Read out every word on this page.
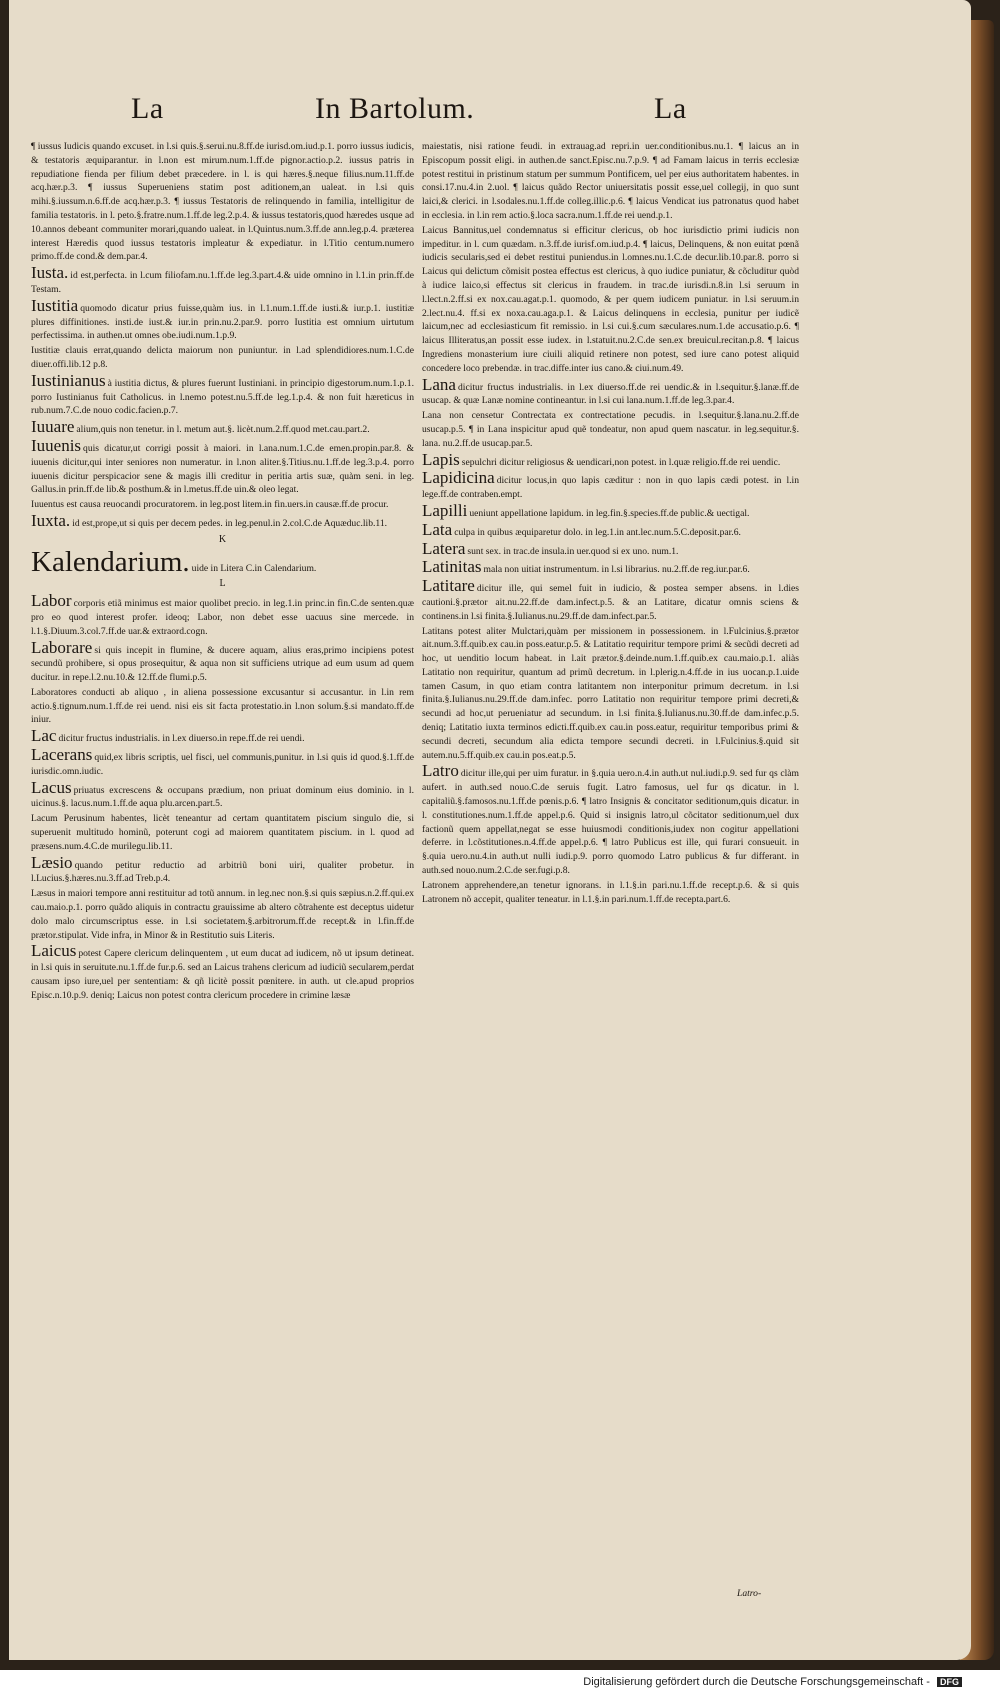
La	In Bartolum.	La

¶ iussus Iudicis quando excuset. in l.si quis.§.serui.nu.8.ff.de iurisd.om.iud.p.1. porro iussus iudicis, & testatoris æquiparantur. in l.non est mirum.num.1.ff.de pignor.actio.p.2. iussus patris in repudiatione fienda per filium debet præcedere. in l. is qui hæres.§.neque filius.num.11.ff.de acq.hær.p.3. ¶ iussus Superueniens statim post aditionem,an ualeat. in l.si quis mihi.§.iussum.n.6.ff.de acq.hær.p.3. ¶ iussus Testatoris de relinquendo in familia, intelligitur de familia testatoris. in l. peto.§.fratre.num.1.ff.de leg.2.p.4. & iussus testatoris,quod hæredes usque ad 10.annos debeant communiter morari,quando ualeat. in l.Quintus.num.3.ff.de ann.leg.p.4. præterea interest Hæredis quod iussus testatoris impleatur & expediatur. in l.Titio centum.numero primo.ff.de cond.& dem.par.4.

Iusta. id est,perfecta. in l.cum filiofam.nu.1.ff.de leg.3.part.4.& uide omnino in l.1.in prin.ff.de Testam.

Iustitia quomodo dicatur prius fuisse,quàm ius. in l.1.num.1.ff.de iusti.& iur.p.1. iustitiæ plures diffinitiones. insti.de iust.& iur.in prin.nu.2.par.9. porro Iustitia est omnium uirtutum perfectissima. in authen.ut omnes obe.iudi.num.1.p.9.

Iustitiæ clauis errat,quando delicta maiorum non puniuntur. in l.ad splendidiores.num.1.C.de diuer.offi.lib.12 p.8.

Iustinianus à iustitia dictus, & plures fuerunt Iustiniani. in principio digestorum.num.1.p.1. porro Iustinianus fuit Catholicus. in l.nemo potest.nu.5.ff.de leg.1.p.4. & non fuit hæreticus in rub.num.7.C.de nouo codic.facien.p.7.

Iuuare alium,quis non tenetur. in l. metum aut.§. licèt.num.2.ff.quod met.cau.part.2.

Iuuenis quis dicatur,ut corrigi possit à maiori. in l.ana.num.1.C.de emen.propin.par.8. & iuuenis dicitur,qui inter seniores non numeratur. in l.non aliter.§.Titius.nu.1.ff.de leg.3.p.4. porro iuuenis dicitur perspicacior sene & magis illi creditur in peritia artis suæ, quàm seni. in leg. Gallus.in prin.ff.de lib.& posthum.& in l.metus.ff.de uin.& oleo legat.

Iuuentus est causa reuocandi procuratorem. in leg.post litem.in fin.uers.in causæ.ff.de procur.

Iuxta. id est,prope,ut si quis per decem pedes. in leg.penul.in 2.col.C.de Aquæduc.lib.11.

K

Kalendarium. uide in Litera C.in Calendarium.

L

Labor corporis etiã minimus est maior quolibet precio. in leg.1.in princ.in fin.C.de senten.quæ pro eo quod interest profer. ideoq; Labor, non debet esse uacuus sine mercede. in l.1.§.Diuum.3.col.7.ff.de uar.& extraord.cogn.

Laborare si quis incepit in flumine, & ducere aquam, alius eras,primo incipiens potest secundũ prohibere, si opus prosequitur, & aqua non sit sufficiens utrique ad eum usum ad quem ducitur. in repe.l.2.nu.10.& 12.ff.de flumi.p.5.

Laboratores conducti ab aliquo , in aliena possessione excusantur si accusantur. in l.in rem actio.§.tignum.num.1.ff.de rei uend. nisi eis sit facta protestatio.in l.non solum.§.si mandato.ff.de iniur.

Lac dicitur fructus industrialis. in l.ex diuerso.in repe.ff.de rei uendi.

Lacerans quid,ex libris scriptis, uel fisci, uel communis,punitur. in l.si quis id quod.§.1.ff.de iurisdic.omn.iudic.

Lacus priuatus excrescens & occupans prædium, non priuat dominum eius dominio. in l. uicinus.§. lacus.num.1.ff.de aqua plu.arcen.part.5.

Lacum Perusinum habentes, licèt teneantur ad certam quantitatem piscium singulo die, si superuenit multitudo hominũ, poterunt cogi ad maiorem quantitatem piscium. in l. quod ad præsens.num.4.C.de murilegu.lib.11.

Læsio quando petitur reductio ad arbitriũ boni uiri, qualiter probetur. in l.Lucius.§.hæres.nu.3.ff.ad Treb.p.4.

Læsus in maiori tempore anni restituitur ad totũ annum. in leg.nec non.§.si quis sæpius.n.2.ff.qui.ex cau.maio.p.1. porro quãdo aliquis in contractu grauissime ab altero cõtrahente est deceptus uidetur dolo malo circumscriptus esse. in l.si societatem.§.arbitrorum.ff.de recept.& in l.fin.ff.de prætor.stipulat. Vide infra, in Minor & in Restitutio suis Literis.

Laicus potest Capere clericum delinquentem , ut eum ducat ad iudicem, nõ ut ipsum detineat. in l.si quis in seruitute.nu.1.ff.de fur.p.6. sed an Laicus trahens clericum ad iudiciũ secularem,perdat causam ipso iure,uel per sententiam: & qñ licitè possit pœnitere. in auth. ut cle.apud proprios Episc.n.10.p.9. deniq; Laicus non potest contra clericum procedere in crimine læsæ

maiestatis, nisi ratione feudi. in extrauag.ad repri.in uer.conditionibus.nu.1. ¶ laicus an in Episcopum possit eligi. in authen.de sanct.Episc.nu.7.p.9. ¶ ad Famam laicus in terris ecclesiæ potest restitui in pristinum statum per summum Pontificem, uel per eius authoritatem habentes. in consi.17.nu.4.in 2.uol. ¶ laicus quãdo Rector uniuersitatis possit esse,uel collegij, in quo sunt laici,& clerici. in l.sodales.nu.1.ff.de colleg.illic.p.6. ¶ laicus Vendicat ius patronatus quod habet in ecclesia. in l.in rem actio.§.loca sacra.num.1.ff.de rei uend.p.1.

Laicus Bannitus,uel condemnatus si efficitur clericus, ob hoc iurisdictio primi iudicis non impeditur. in l. cum quædam. n.3.ff.de iurisf.om.iud.p.4. ¶ laicus, Delinquens, & non euitat pœnã iudicis secularis,sed ei debet restitui puniendus.in l.omnes.nu.1.C.de decur.lib.10.par.8. porro si Laicus qui delictum cõmisit postea effectus est clericus, à quo iudice puniatur, & cõcluditur quòd à iudice laico,si effectus sit clericus in fraudem. in trac.de iurisdi.n.8.in l.si seruum in l.lect.n.2.ff.si ex nox.cau.agat.p.1. quomodo, & per quem iudicem puniatur. in l.si seruum.in 2.lect.nu.4. ff.si ex noxa.cau.aga.p.1. & Laicus delinquens in ecclesia, punitur per iudicẽ laicum,nec ad ecclesiasticum fit remissio. in l.si cui.§.cum sæculares.num.1.de accusatio.p.6. ¶ laicus Illiteratus,an possit esse iudex. in l.statuit.nu.2.C.de sen.ex breuicul.recitan.p.8. ¶ laicus Ingrediens monasterium iure ciuili aliquid retinere non potest, sed iure cano potest aliquid concedere loco prebendæ. in trac.diffe.inter ius cano.& ciui.num.49.

Lana dicitur fructus industrialis. in l.ex diuerso.ff.de rei uendic.& in l.sequitur.§.lanæ.ff.de usucap. & quæ Lanæ nomine contineantur. in l.si cui lana.num.1.ff.de leg.3.par.4.

Lana non censetur Contrectata ex contrectatione pecudis. in l.sequitur.§.lana.nu.2.ff.de usucap.p.5. ¶ in Lana inspicitur apud quẽ tondeatur, non apud quem nascatur. in leg.sequitur.§. lana. nu.2.ff.de usucap.par.5.

Lapis sepulchri dicitur religiosus & uendicari,non potest. in l.quæ religio.ff.de rei uendic.

Lapidicina dicitur locus,in quo lapis cæditur : non in quo lapis cædi potest. in l.in lege.ff.de contraben.empt.

Lapilli ueniunt appellatione lapidum. in leg.fin.§.species.ff.de public.& uectigal.

Lata culpa in quibus æquiparetur dolo. in leg.1.in ant.lec.num.5.C.deposit.par.6.

Latera sunt sex. in trac.de insula.in uer.quod si ex uno. num.1.

Latinitas mala non uitiat instrumentum. in l.si librarius. nu.2.ff.de reg.iur.par.6.

Latitare dicitur ille, qui semel fuit in iudicio, & postea semper absens. in l.dies cautioni.§.prætor ait.nu.22.ff.de dam.infect.p.5. & an Latitare, dicatur omnis sciens & continens.in l.si finita.§.Iulianus.nu.29.ff.de dam.infect.par.5.

Latitans potest aliter Mulctari,quàm per missionem in possessionem. in l.Fulcinius.§.prætor ait.num.3.ff.quib.ex cau.in poss.eatur.p.5. & Latitatio requiritur tempore primi & secũdi decreti ad hoc, ut uenditio locum habeat. in l.ait prætor.§.deinde.num.1.ff.quib.ex cau.maio.p.1. aliàs Latitatio non requiritur, quantum ad primũ decretum. in l.plerig.n.4.ff.de in ius uocan.p.1.uide tamen Casum, in quo etiam contra latitantem non interponitur primum decretum. in l.si finita.§.Iulianus.nu.29.ff.de dam.infec. porro Latitatio non requiritur tempore primi decreti,& secundi ad hoc,ut perueniatur ad secundum. in l.si finita.§.Iulianus.nu.30.ff.de dam.infec.p.5. deniq; Latitatio iuxta terminos edicti.ff.quib.ex cau.in poss.eatur, requiritur temporibus primi & secundi decreti, secundum alia edicta tempore secundi decreti. in l.Fulcinius.§.quid sit autem.nu.5.ff.quib.ex cau.in pos.eat.p.5.

Latro dicitur ille,qui per uim furatur. in §.quia uero.n.4.in auth.ut nul.iudi.p.9. sed fur qs clàm aufert. in auth.sed nouo.C.de seruis fugit. Latro famosus, uel fur qs dicatur. in l. capitaliũ.§.famosos.nu.1.ff.de pœnis.p.6. ¶ latro Insignis & concitator seditionum,quis dicatur. in l. constitutiones.num.1.ff.de appel.p.6. Quid si insignis latro,ul cõcitator seditionum,uel dux factionũ quem appellat,negat se esse huiusmodi conditionis,iudex non cogitur appellationi deferre. in l.cõstitutiones.n.4.ff.de appel.p.6. ¶ latro Publicus est ille, qui furari consueuit. in §.quia uero.nu.4.in auth.ut nulli iudi.p.9. porro quomodo Latro publicus & fur differant. in auth.sed nouo.num.2.C.de ser.fugi.p.8.

Latronem apprehendere,an tenetur ignorans. in l.1.§.in pari.nu.1.ff.de recept.p.6. & si quis Latronem nõ accepit, qualiter teneatur. in l.1.§.in pari.num.1.ff.de recepta.part.6.

Latro-
Digitalisierung gefördert durch die Deutsche Forschungsgemeinschaft - DFG
